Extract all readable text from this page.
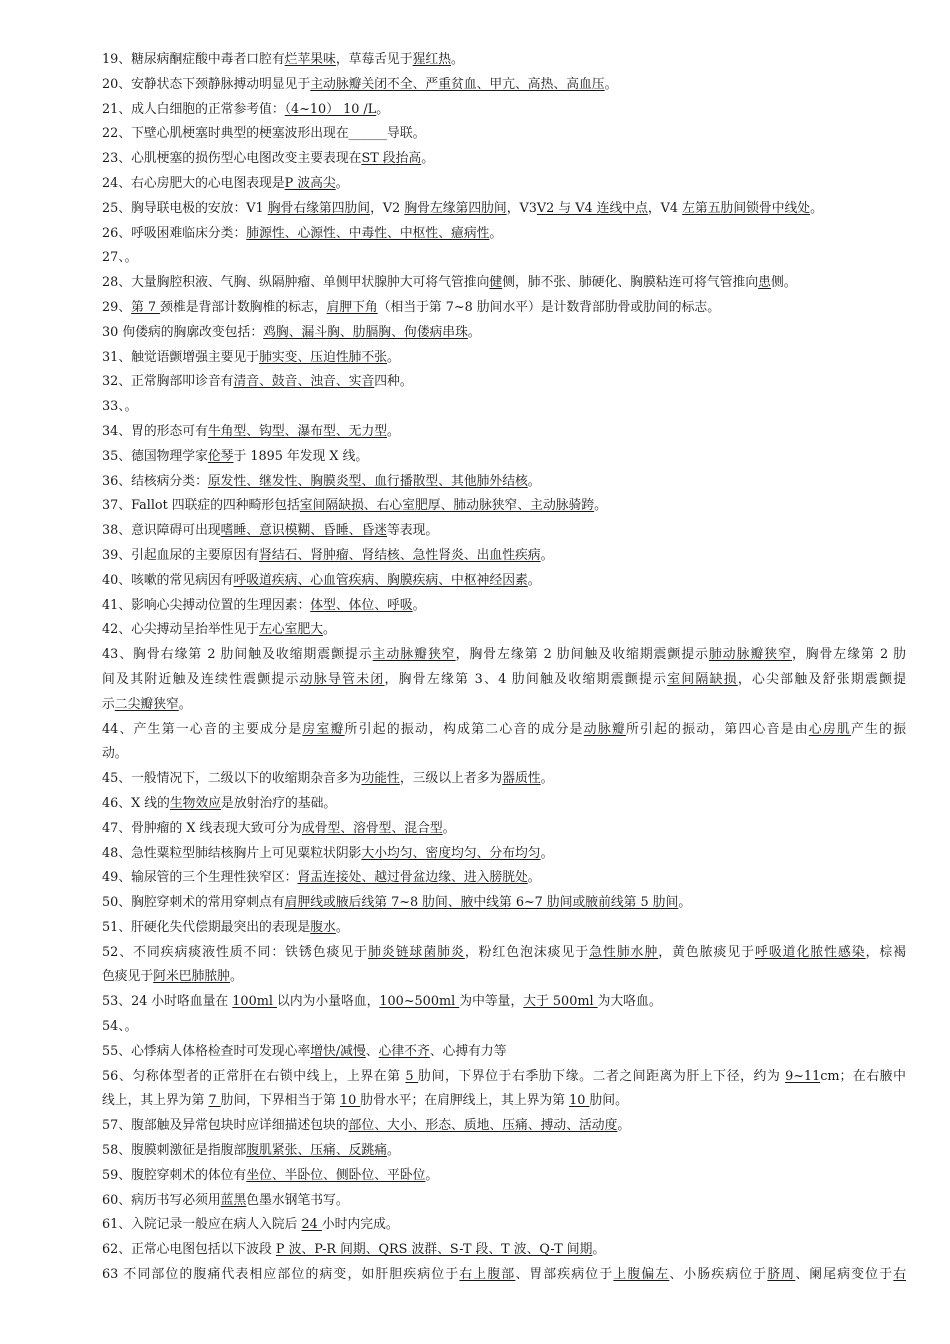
19、糖尿病酮症酸中毒者口腔有烂苹果味，草莓舌见于猩红热。
20、安静状态下颈静脉搏动明显见于主动脉瓣关闭不全、严重贫血、甲亢、高热、高血压。
21、成人白细胞的正常参考值：（4~10） 10 /L。
22、下壁心肌梗塞时典型的梗塞波形出现在______导联。
23、心肌梗塞的损伤型心电图改变主要表现在ST 段抬高。
24、右心房肥大的心电图表现是P 波高尖。
25、胸导联电极的安放：V1 胸骨右缘第四肋间，V2 胸骨左缘第四肋间，V3V2 与 V4 连线中点，V4 左第五肋间锁骨中线处。
26、呼吸困难临床分类：肺源性、心源性、中毒性、中枢性、癔病性。
27、。
28、大量胸腔积液、气胸、纵隔肿瘤、单侧甲状腺肿大可将气管推向健侧，肺不张、肺硬化、胸膜粘连可将气管推向患侧。
29、第 7 颈椎是背部计数胸椎的标志，肩胛下角（相当于第 7~8 肋间水平）是计数背部肋骨或肋间的标志。
30 佝偻病的胸廓改变包括：鸡胸、漏斗胸、肋膈胸、佝偻病串珠。
31、触觉语颤增强主要见于肺实变、压迫性肺不张。
32、正常胸部叩诊音有清音、鼓音、浊音、实音四种。
33、。
34、胃的形态可有牛角型、钩型、瀑布型、无力型。
35、德国物理学家伦琴于 1895 年发现 X 线。
36、结核病分类：原发性、继发性、胸膜炎型、血行播散型、其他肺外结核。
37、Fallot 四联症的四种畸形包括室间隔缺损、右心室肥厚、肺动脉狭窄、主动脉骑跨。
38、意识障碍可出现嗜睡、意识模糊、昏睡、昏迷等表现。
39、引起血尿的主要原因有肾结石、肾肿瘤、肾结核、急性肾炎、出血性疾病。
40、咳嗽的常见病因有呼吸道疾病、心血管疾病、胸膜疾病、中枢神经因素。
41、影响心尖搏动位置的生理因素：体型、体位、呼吸。
42、心尖搏动呈抬举性见于左心室肥大。
43、胸骨右缘第 2 肋间触及收缩期震颤提示主动脉瓣狭窄，胸骨左缘第 2 肋间触及收缩期震颤提示肺动脉瓣狭窄，胸骨左缘第 2 肋
间及其附近触及连续性震颤提示动脉导管未闭，胸骨左缘第 3、4 肋间触及收缩期震颤提示室间隔缺损，心尖部触及舒张期震颤提
示二尖瓣狭窄。
44、产生第一心音的主要成分是房室瓣所引起的振动，构成第二心音的成分是动脉瓣所引起的振动，第四心音是由心房肌产生的振
动。
45、一般情况下，二级以下的收缩期杂音多为功能性，三级以上者多为器质性。
46、X 线的生物效应是放射治疗的基础。
47、骨肿瘤的 X 线表现大致可分为成骨型、溶骨型、混合型。
48、急性粟粒型肺结核胸片上可见粟粒状阴影大小均匀、密度均匀、分布均匀。
49、输尿管的三个生理性狭窄区：肾盂连接处、越过骨盆边缘、进入膀胱处。
50、胸腔穿刺术的常用穿刺点有肩胛线或腋后线第 7~8 肋间、腋中线第 6~7 肋间或腋前线第 5 肋间。
51、肝硬化失代偿期最突出的表现是腹水。
52、不同疾病痰液性质不同：铁锈色痰见于肺炎链球菌肺炎，粉红色泡沫痰见于急性肺水肿，黄色脓痰见于呼吸道化脓性感染，棕褐
色痰见于阿米巴肺脓肿。
53、24 小时咯血量在 100ml 以内为小量咯血，100~500ml 为中等量，大于 500ml 为大咯血。
54、。
55、心悸病人体格检查时可发现心率增快/减慢、心律不齐、心搏有力等
56、匀称体型者的正常肝在右锁中线上，上界在第 5 肋间，下界位于右季肋下缘。二者之间距离为肝上下径，约为 9~11cm；在右腋中
线上，其上界为第 7 肋间，下界相当于第 10 肋骨水平；在肩胛线上，其上界为第 10 肋间。
57、腹部触及异常包块时应详细描述包块的部位、大小、形态、质地、压痛、搏动、活动度。
58、腹膜刺激征是指腹部腹肌紧张、压痛、反跳痛。
59、腹腔穿刺术的体位有坐位、半卧位、侧卧位、平卧位。
60、病历书写必须用蓝黑色墨水钢笔书写。
61、入院记录一般应在病人入院后 24 小时内完成。
62、正常心电图包括以下波段 P 波、P-R 间期、QRS 波群、S-T 段、T 波、Q-T 间期。
63 不同部位的腹痛代表相应部位的病变，如肝胆疾病位于右上腹部、胃部疾病位于上腹偏左、小肠疾病位于脐周、阑尾病变位于右
